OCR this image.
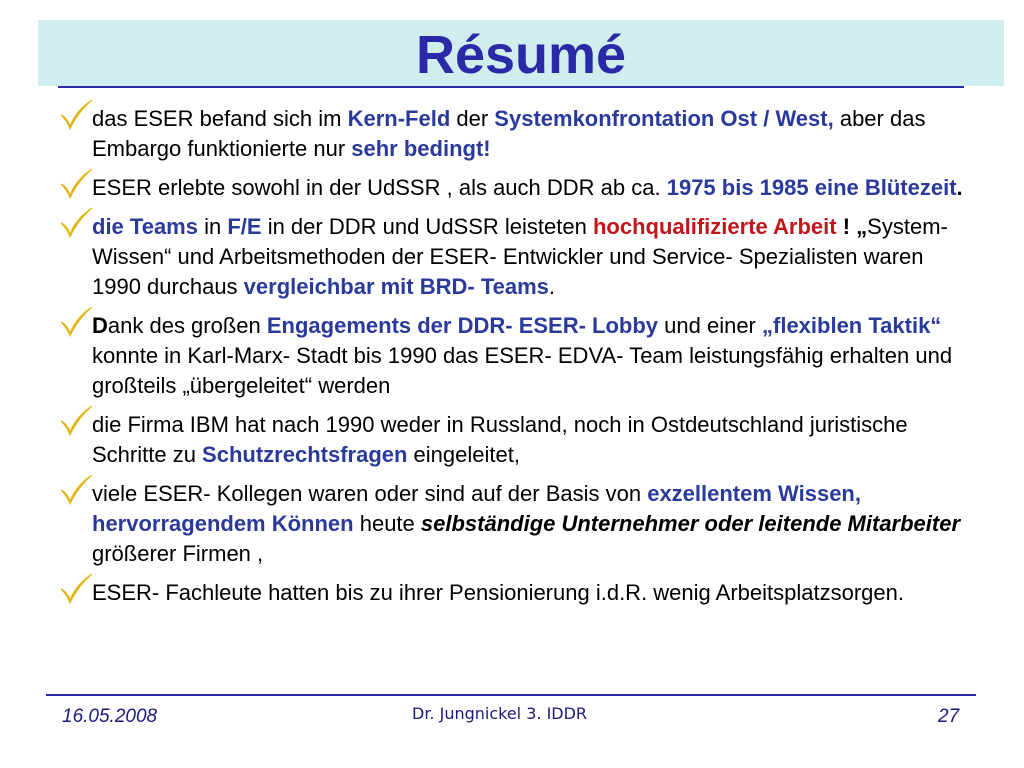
Résumé
das ESER befand sich im Kern-Feld der Systemkonfrontation Ost / West, aber das Embargo funktionierte nur sehr bedingt!
ESER erlebte sowohl in der UdSSR , als auch DDR ab ca. 1975 bis 1985 eine Blütezeit.
die Teams in F/E in der DDR und UdSSR leisteten hochqualifizierte Arbeit ! „System-Wissen“ und Arbeitsmethoden der ESER- Entwickler und Service- Spezialisten waren 1990 durchaus vergleichbar mit BRD- Teams.
Dank des großen Engagements der DDR- ESER- Lobby und einer „flexiblen Taktik“ konnte in Karl-Marx- Stadt bis 1990 das ESER- EDVA- Team leistungsfähig erhalten und großteils „übergeleitet“ werden
die Firma IBM hat nach 1990 weder in Russland, noch in Ostdeutschland juristische Schritte zu Schutzrechtsfragen eingeleitet,
viele ESER- Kollegen waren oder sind auf der Basis von exzellentem Wissen, hervorragendem Können heute selbständige Unternehmer oder leitende Mitarbeiter größerer Firmen ,
ESER- Fachleute hatten bis zu ihrer Pensionierung i.d.R. wenig Arbeitsplatzsorgen.
16.05.2008	Dr. Jungnickel 3. IDDR	27
